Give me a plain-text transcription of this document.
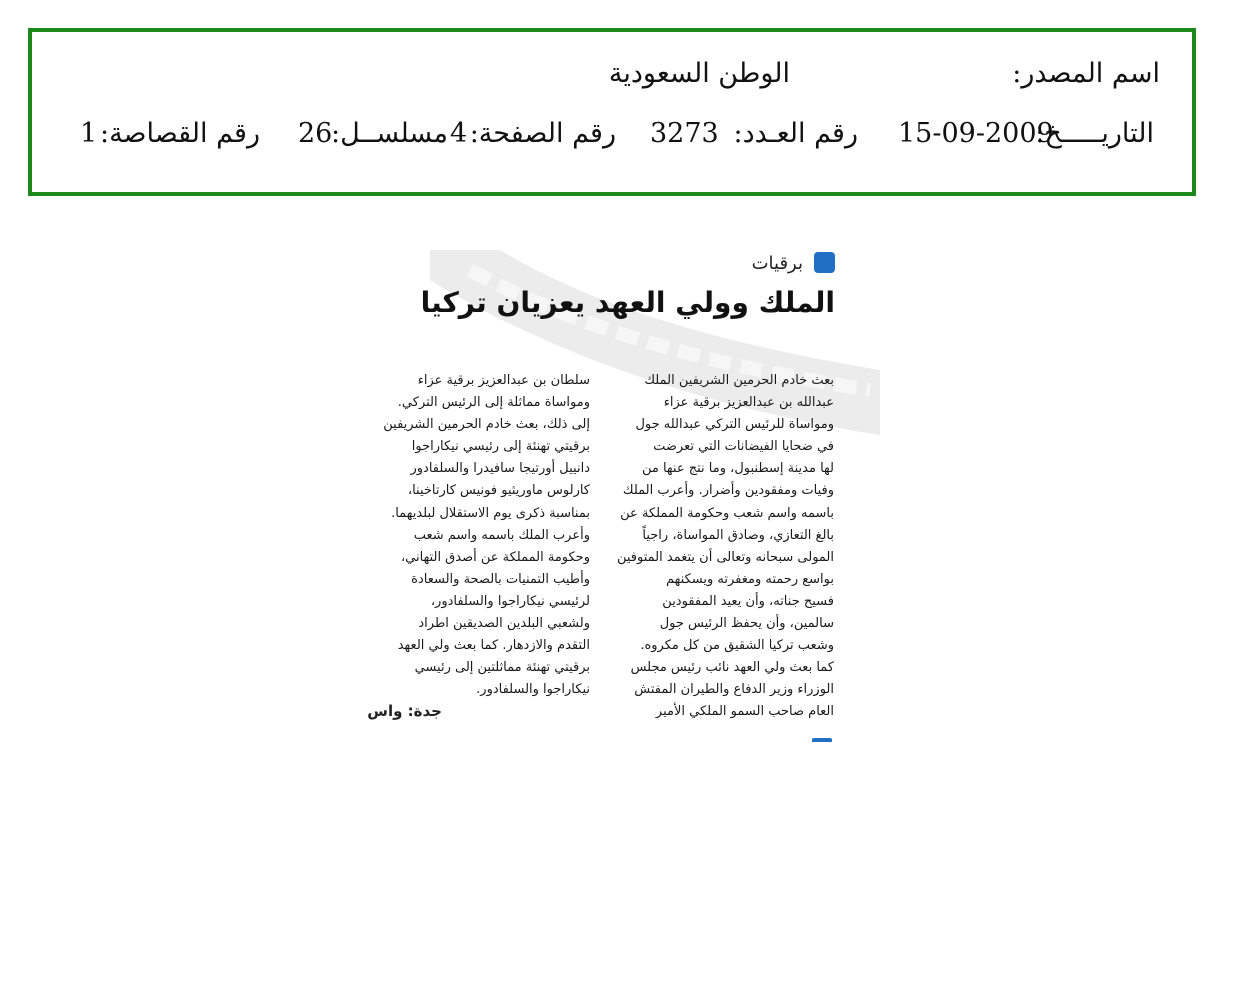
اسم المصدر:
الوطن السعودية
التاريـــــخ:
15-09-2009
رقم العـدد:
3273
رقم الصفحة:
4
مسلســل:
26
رقم القصاصة:
1
برقيات
الملك وولي العهد يعزيان تركيا
بعث خادم الحرمين الشريفين الملك
عبدالله بن عبدالعزيز برقية عزاء
ومواساة للرئيس التركي عبدالله جول
في ضحايا الفيضانات التي تعرضت
لها مدينة إسطنبول، وما نتج عنها من
وفيات ومفقودين وأضرار. وأعرب الملك
باسمه واسم شعب وحكومة المملكة عن
بالغ التعازي، وصادق المواساة، راجياً
المولى سبحانه وتعالى أن يتغمد المتوفين
بواسع رحمته ومغفرته ويسكنهم
فسيح جناته، وأن يعيد المفقودين
سالمين، وأن يحفظ الرئيس جول
وشعب تركيا الشقيق من كل مكروه.
كما بعث ولي العهد نائب رئيس مجلس
الوزراء وزير الدفاع والطيران المفتش
العام صاحب السمو الملكي الأمير
سلطان بن عبدالعزيز برقية عزاء
ومواساة مماثلة إلى الرئيس التركي.
إلى ذلك، بعث خادم الحرمين الشريفين
برقيتي تهنئة إلى رئيسي نيكاراجوا
دانييل أورتيجا سافيدرا والسلفادور
كارلوس ماوريثيو فونيس كارتاخينا،
بمناسبة ذكرى يوم الاستقلال لبلديهما.
وأعرب الملك باسمه واسم شعب
وحكومة المملكة عن أصدق التهاني،
وأطيب التمنيات بالصحة والسعادة
لرئيسي نيكاراجوا والسلفادور،
ولشعبي البلدين الصديقين اطراد
التقدم والازدهار. كما بعث ولي العهد
برقيتي تهنئة مماثلتين إلى رئيسي
نيكاراجوا والسلفادور.
جدة: واس
